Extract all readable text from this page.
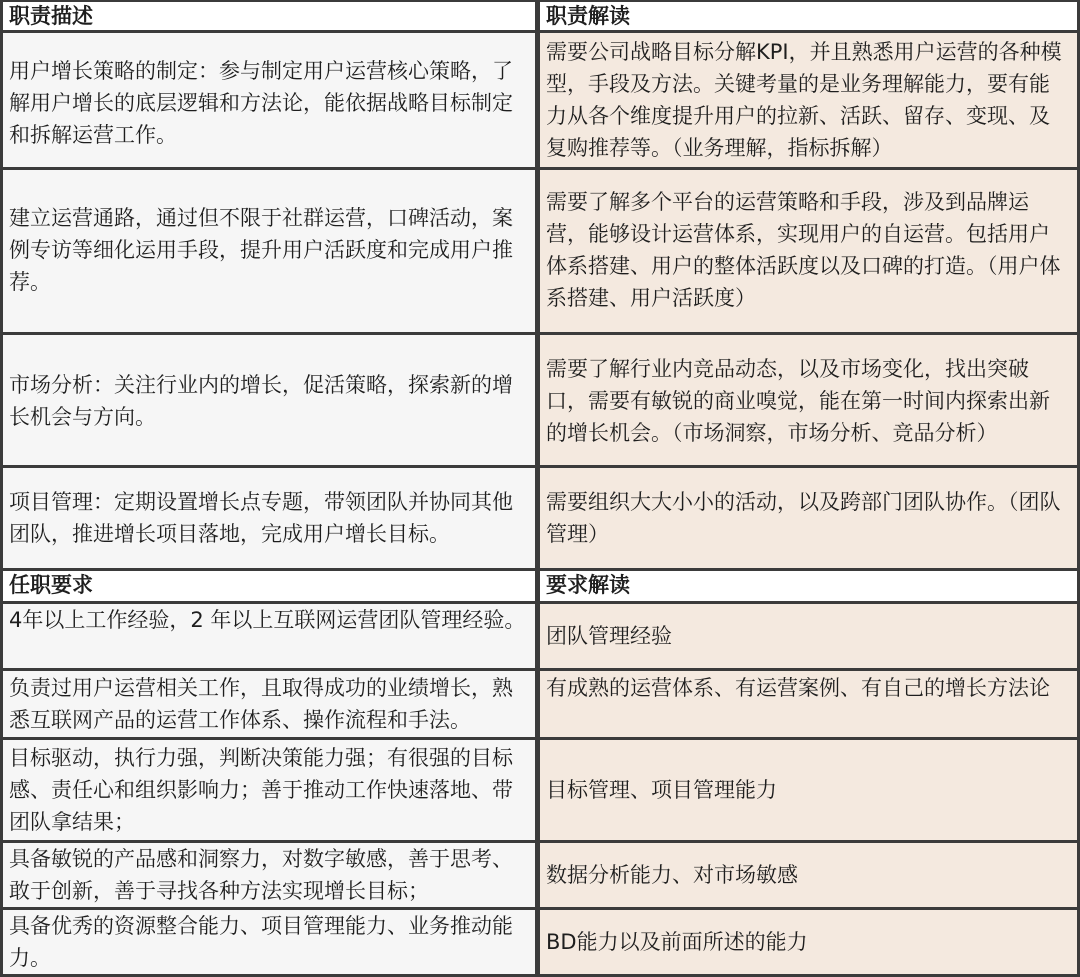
职责描述	职责解读
用户增长策略的制定：参与制定用户运营核心策略，了解用户增长的底层逻辑和方法论，能依据战略目标制定和拆解运营工作。
需要公司战略目标分解KPI，并且熟悉用户运营的各种模型，手段及方法。关键考量的是业务理解能力，要有能力从各个维度提升用户的拉新、活跃、留存、变现、及复购推荐等。（业务理解，指标拆解）
建立运营通路，通过但不限于社群运营，口碑活动，案例专访等细化运用手段，提升用户活跃度和完成用户推荐。
需要了解多个平台的运营策略和手段，涉及到品牌运营，能够设计运营体系，实现用户的自运营。包括用户体系搭建、用户的整体活跃度以及口碑的打造。（用户体系搭建、用户活跃度）
市场分析：关注行业内的增长，促活策略，探索新的增长机会与方向。
需要了解行业内竞品动态，以及市场变化，找出突破口，需要有敏锐的商业嗅觉，能在第一时间内探索出新的增长机会。（市场洞察，市场分析、竞品分析）
项目管理：定期设置增长点专题，带领团队并协同其他团队，推进增长项目落地，完成用户增长目标。
需要组织大大小小的活动，以及跨部门团队协作。（团队管理）
任职要求	要求解读
4年以上工作经验，2 年以上互联网运营团队管理经验。
团队管理经验
负责过用户运营相关工作，且取得成功的业绩增长，熟悉互联网产品的运营工作体系、操作流程和手法。
有成熟的运营体系、有运营案例、有自己的增长方法论
目标驱动，执行力强，判断决策能力强；有很强的目标感、责任心和组织影响力；善于推动工作快速落地、带团队拿结果；
目标管理、项目管理能力
具备敏锐的产品感和洞察力，对数字敏感，善于思考、敢于创新，善于寻找各种方法实现增长目标；
数据分析能力、对市场敏感
具备优秀的资源整合能力、项目管理能力、业务推动能力。
BD能力以及前面所述的能力
